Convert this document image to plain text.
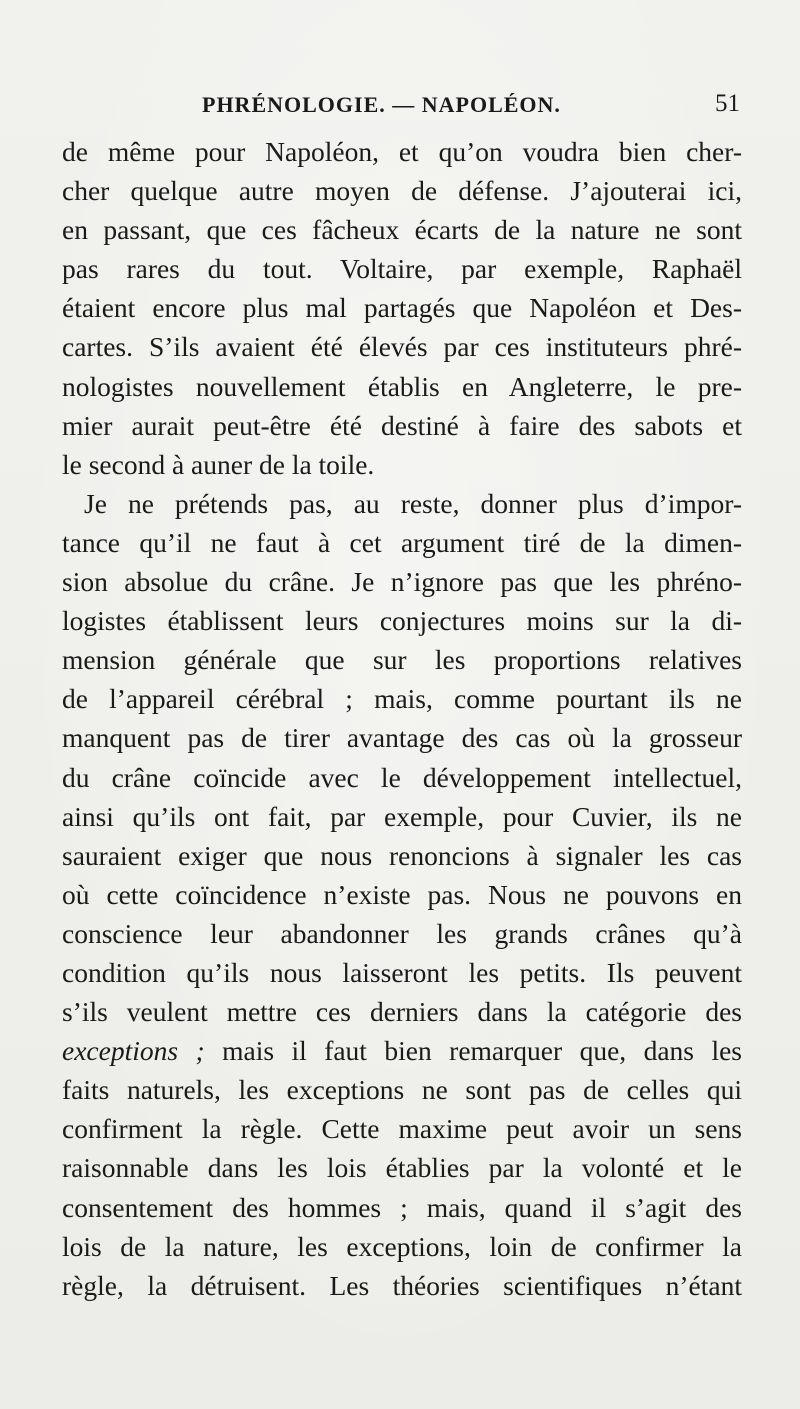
PHRÉNOLOGIE. — NAPOLÉON.	51
de même pour Napoléon, et qu’on voudra bien cher-
cher quelque autre moyen de défense. J’ajouterai ici,
en passant, que ces fâcheux écarts de la nature ne sont
pas rares du tout. Voltaire, par exemple, Raphaël
étaient encore plus mal partagés que Napoléon et Des-
cartes. S’ils avaient été élevés par ces instituteurs phré-
nologistes nouvellement établis en Angleterre, le pre-
mier aurait peut-être été destiné à faire des sabots et
le second à auner de la toile.
Je ne prétends pas, au reste, donner plus d’impor-
tance qu’il ne faut à cet argument tiré de la dimen-
sion absolue du crâne. Je n’ignore pas que les phréno-
logistes établissent leurs conjectures moins sur la di-
mension générale que sur les proportions relatives
de l’appareil cérébral ; mais, comme pourtant ils ne
manquent pas de tirer avantage des cas où la grosseur
du crâne coïncide avec le développement intellectuel,
ainsi qu’ils ont fait, par exemple, pour Cuvier, ils ne
sauraient exiger que nous renoncions à signaler les cas
où cette coïncidence n’existe pas. Nous ne pouvons en
conscience leur abandonner les grands crânes qu’à
condition qu’ils nous laisseront les petits. Ils peuvent
s’ils veulent mettre ces derniers dans la catégorie des
exceptions ; mais il faut bien remarquer que, dans les
faits naturels, les exceptions ne sont pas de celles qui
confirment la règle. Cette maxime peut avoir un sens
raisonnable dans les lois établies par la volonté et le
consentement des hommes ; mais, quand il s’agit des
lois de la nature, les exceptions, loin de confirmer la
règle, la détruisent. Les théories scientifiques n’étant
